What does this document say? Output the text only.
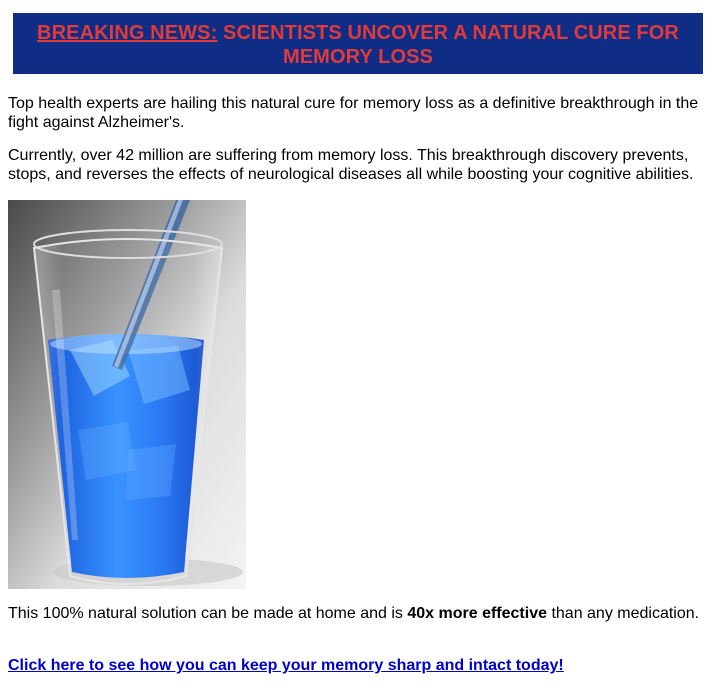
BREAKING NEWS: SCIENTISTS UNCOVER A NATURAL CURE FOR MEMORY LOSS

Top health experts are hailing this natural cure for memory loss as a definitive breakthrough in the fight against Alzheimer's.

Currently, over 42 million are suffering from memory loss. This breakthrough discovery prevents, stops, and reverses the effects of neurological diseases all while boosting your cognitive abilities.

This 100% natural solution can be made at home and is 40x more effective than any medication.

Click here to see how you can keep your memory sharp and intact today!
